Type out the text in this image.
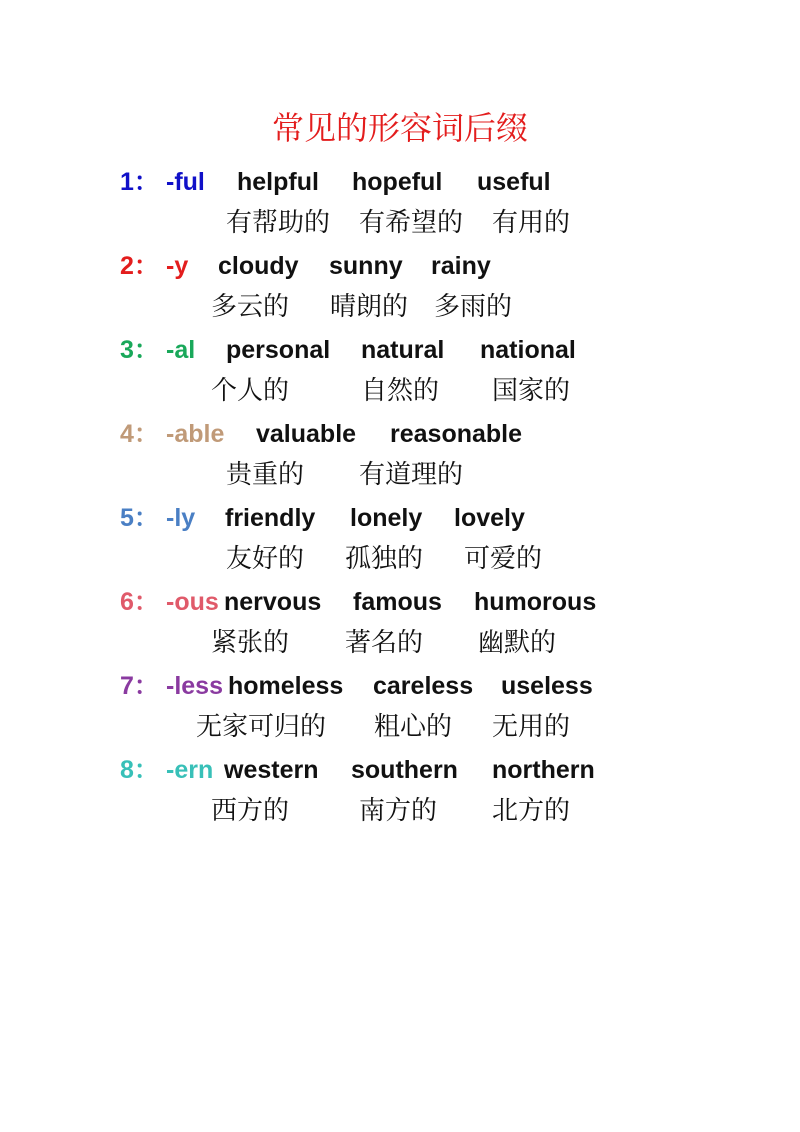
常见的形容词后缀
1： -ful helpful hopeful useful
有帮助的 有希望的 有用的
2： -y cloudy sunny rainy
多云的 晴朗的 多雨的
3： -al personal natural national
个人的	自然的 国家的
4： -able valuable reasonable
贵重的 有道理的
5： -ly friendly lonely lovely
友好的 孤独的 可爱的
6： -ous nervous famous humorous
紧张的 著名的 幽默的
7： -less homeless careless useless
无家可归的 粗心的 无用的
8： -ern western southern northern
西方的	南方的 北方的
